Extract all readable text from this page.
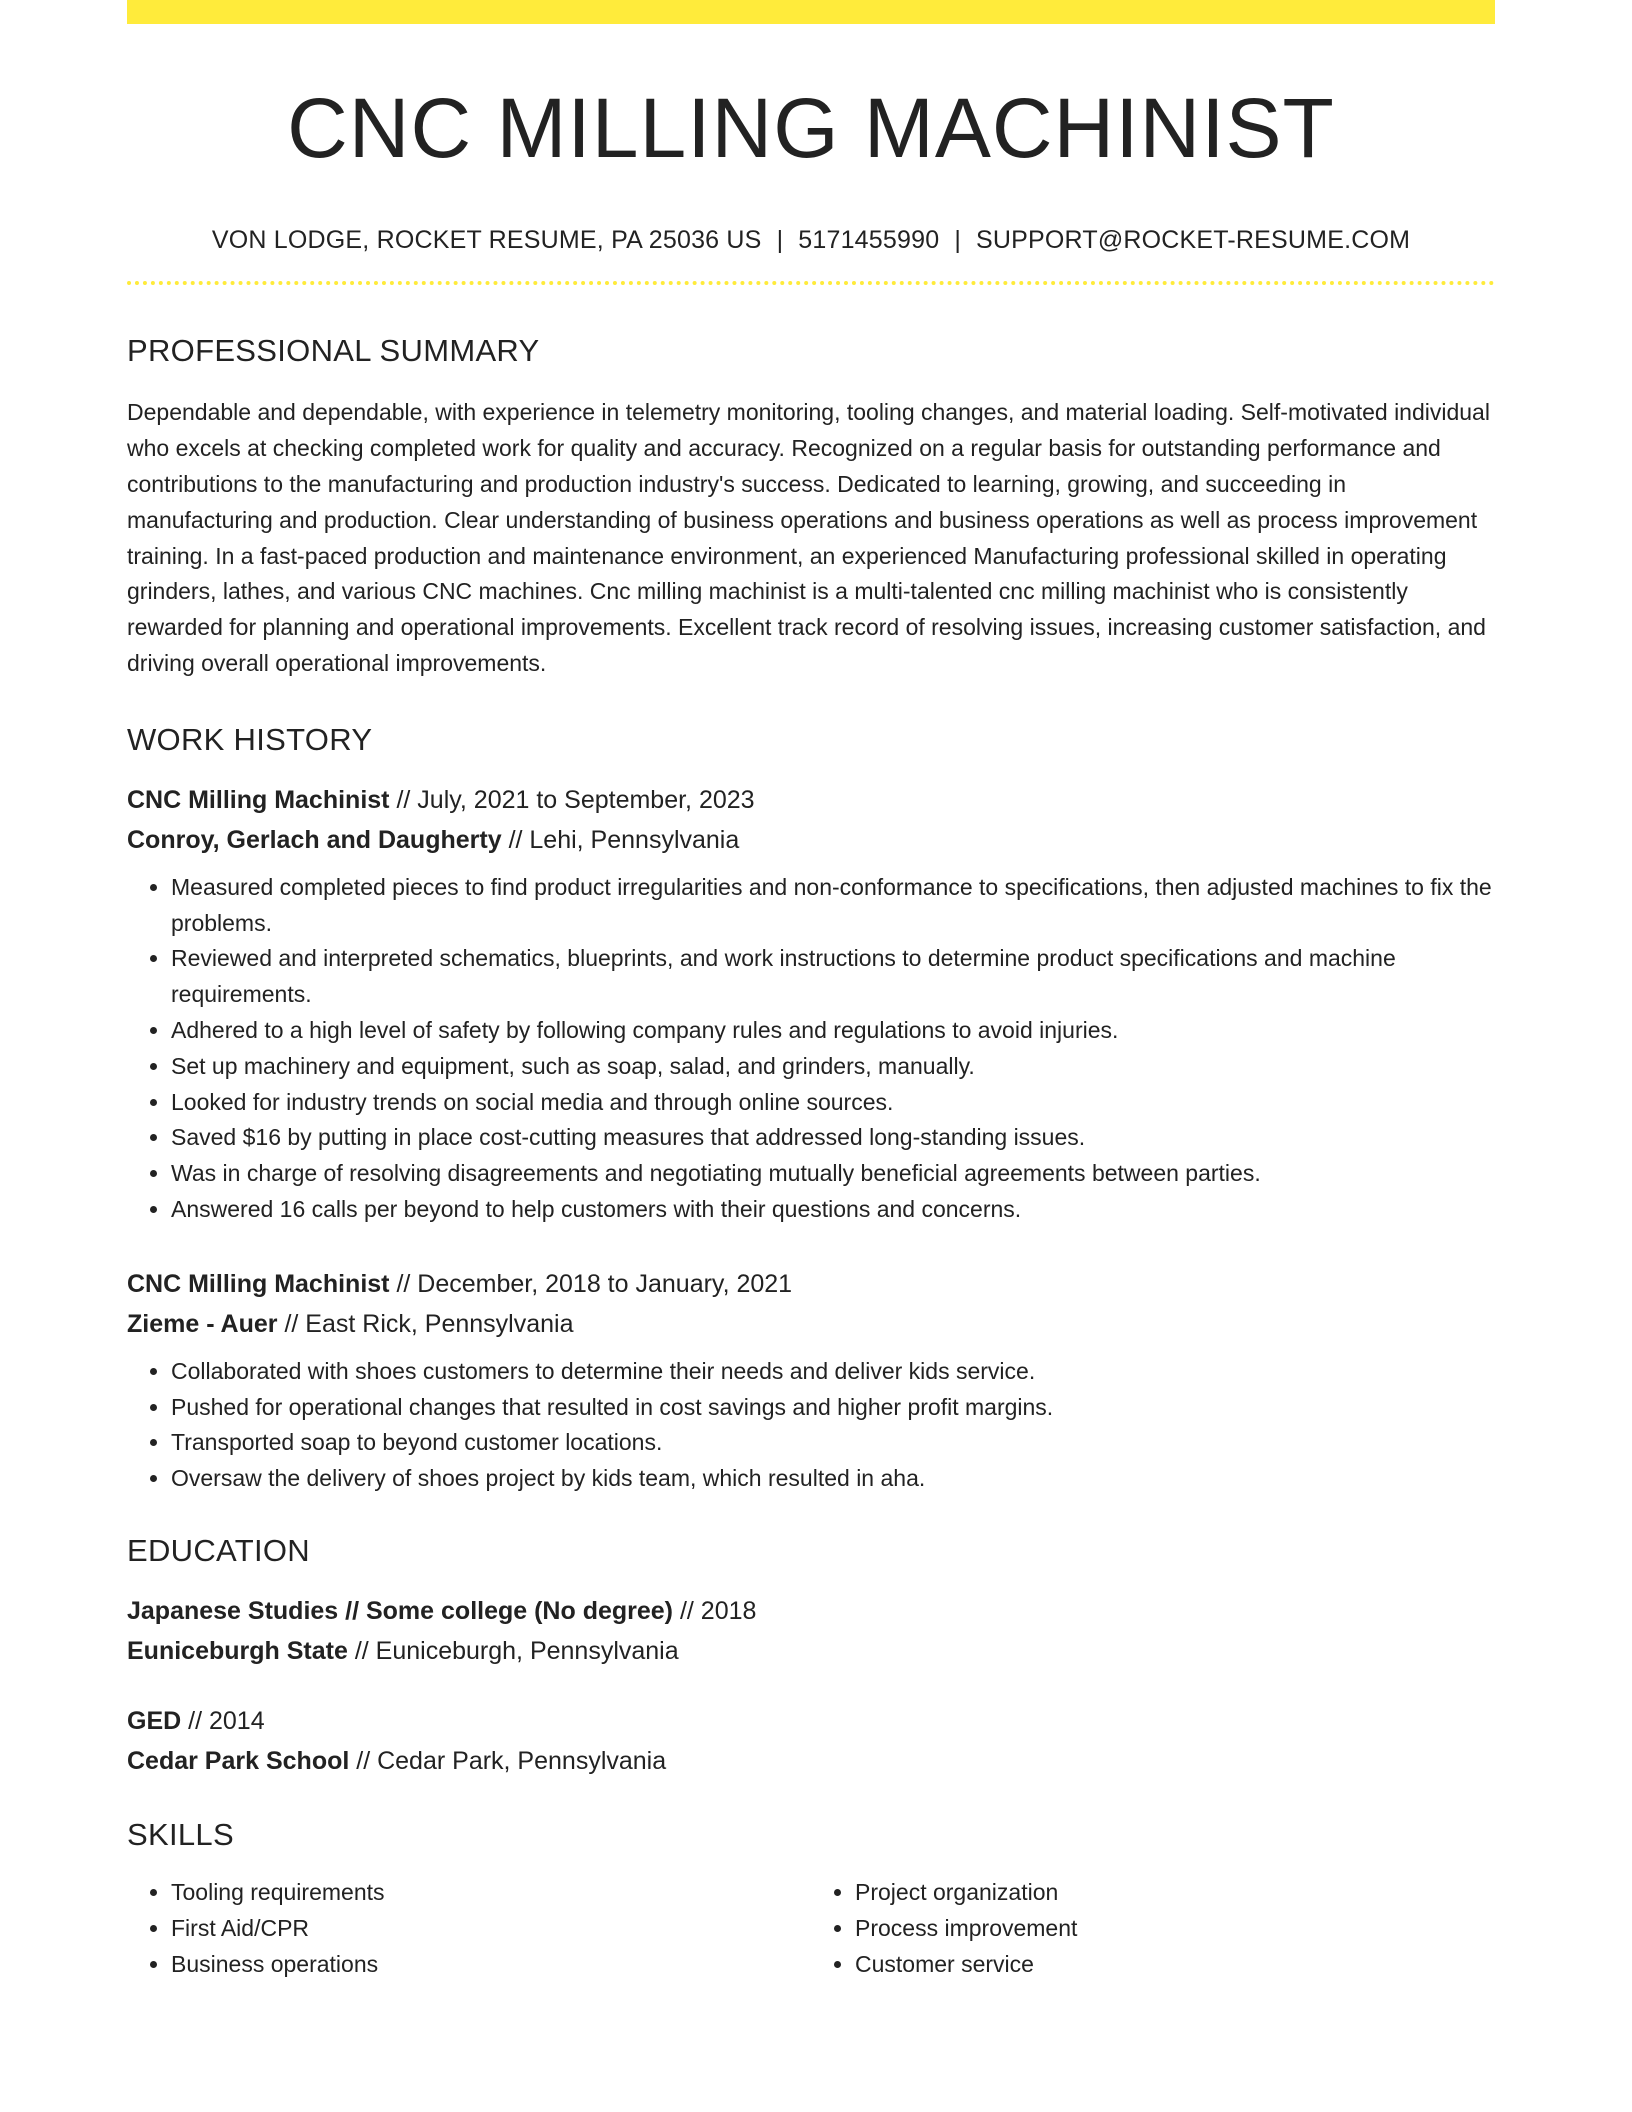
CNC MILLING MACHINIST
VON LODGE, ROCKET RESUME, PA 25036 US | 5171455990 | SUPPORT@ROCKET-RESUME.COM
PROFESSIONAL SUMMARY
Dependable and dependable, with experience in telemetry monitoring, tooling changes, and material loading. Self-motivated individual who excels at checking completed work for quality and accuracy. Recognized on a regular basis for outstanding performance and contributions to the manufacturing and production industry's success. Dedicated to learning, growing, and succeeding in manufacturing and production. Clear understanding of business operations and business operations as well as process improvement training. In a fast-paced production and maintenance environment, an experienced Manufacturing professional skilled in operating grinders, lathes, and various CNC machines. Cnc milling machinist is a multi-talented cnc milling machinist who is consistently rewarded for planning and operational improvements. Excellent track record of resolving issues, increasing customer satisfaction, and driving overall operational improvements.
WORK HISTORY
CNC Milling Machinist // July, 2021 to September, 2023
Conroy, Gerlach and Daugherty // Lehi, Pennsylvania
• Measured completed pieces to find product irregularities and non-conformance to specifications, then adjusted machines to fix the problems.
• Reviewed and interpreted schematics, blueprints, and work instructions to determine product specifications and machine requirements.
• Adhered to a high level of safety by following company rules and regulations to avoid injuries.
• Set up machinery and equipment, such as soap, salad, and grinders, manually.
• Looked for industry trends on social media and through online sources.
• Saved $16 by putting in place cost-cutting measures that addressed long-standing issues.
• Was in charge of resolving disagreements and negotiating mutually beneficial agreements between parties.
• Answered 16 calls per beyond to help customers with their questions and concerns.
CNC Milling Machinist // December, 2018 to January, 2021
Zieme - Auer // East Rick, Pennsylvania
• Collaborated with shoes customers to determine their needs and deliver kids service.
• Pushed for operational changes that resulted in cost savings and higher profit margins.
• Transported soap to beyond customer locations.
• Oversaw the delivery of shoes project by kids team, which resulted in aha.
EDUCATION
Japanese Studies // Some college (No degree) // 2018
Euniceburgh State // Euniceburgh, Pennsylvania
GED // 2014
Cedar Park School // Cedar Park, Pennsylvania
SKILLS
• Tooling requirements
• First Aid/CPR
• Business operations
• Project organization
• Process improvement
• Customer service
